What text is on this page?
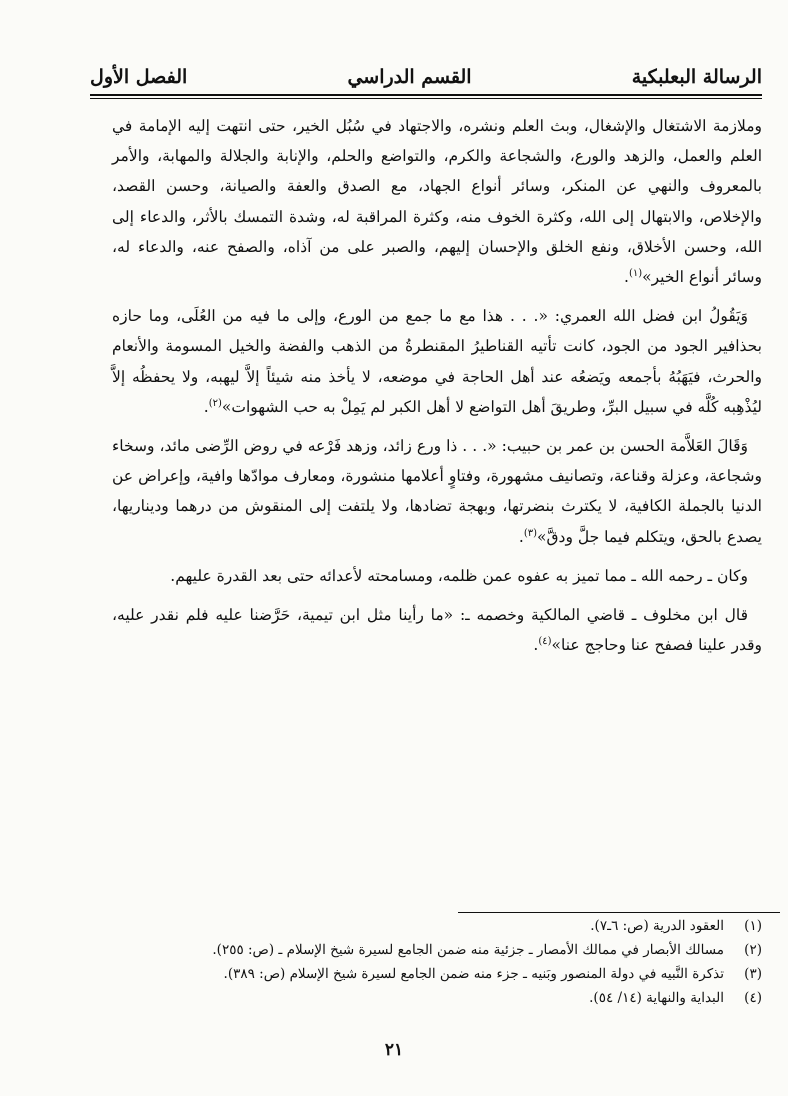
الرسالة البعلبكية
القسم الدراسي
الفصل الأول

وملازمة الاشتغال والإشغال، وبث العلم ونشره، والاجتهاد في سُبُل الخير، حتى انتهت إليه الإمامة في العلم والعمل، والزهد والورع، والشجاعة والكرم، والتواضع والحلم، والإنابة والجلالة والمهابة، والأمر بالمعروف والنهي عن المنكر، وسائر أنواع الجهاد، مع الصدق والعفة والصيانة، وحسن القصد، والإخلاص، والابتهال إلى الله، وكثرة الخوف منه، وكثرة المراقبة له، وشدة التمسك بالأثر، والدعاء إلى الله، وحسن الأخلاق، ونفع الخلق والإحسان إليهم، والصبر على من آذاه، والصفح عنه، والدعاء له، وسائر أنواع الخير»$^{(١)}$.

وَيَقُولُ ابن فضل الله العمري: «. . . هذا مع ما جمع من الورع، وإلى ما فيه من العُلَى، وما حازه بحذافير الجود من الجود، كانت تأتيه القناطيرُ المقنطرةُ من الذهب والفضة والخيل المسومة والأنعام والحرث، فيَهَبُهُ بأجمعه ويَضعُه عند أهل الحاجة في موضعه، لا يأخذ منه شيئاً إلاَّ ليهبه، ولا يحفظُه إلاَّ ليُذْهِبه كُلَّه في سبيل البرِّ، وطريقَ أهل التواضع لا أهل الكبر لم يَمِلْ به حب الشهوات»$^{(٢)}$.

وَقَالَ العَلاَّمة الحسن بن عمر بن حبيب: «. . . ذا ورع زائد، وزهد فَرْعه في روض الرِّضى مائد، وسخاء وشجاعة، وعزلة وقناعة، وتصانيف مشهورة، وفتاوٍ أعلامها منشورة، ومعارف موادّها وافية، وإعراض عن الدنيا بالجملة الكافية، لا يكترث بنضرتها، وبهجة تضادها، ولا يلتفت إلى المنقوش من درهما وديناريها، يصدع بالحق، ويتكلم فيما جلَّ ودقَّ»$^{(٣)}$.

وكان ـ رحمه الله ـ مما تميز به عفوه عمن ظلمه، ومسامحته لأعدائه حتى بعد القدرة عليهم.

قال ابن مخلوف ـ قاضي المالكية وخصمه ـ: «ما رأينا مثل ابن تيمية، حَرَّضنا عليه فلم نقدر عليه، وقدر علينا فصفح عنا وحاجج عنا»$^{(٤)}$.

(١)
العقود الدرية (ص: ٦ـ٧).
(٢)
مسالك الأبصار في ممالك الأمصار ـ جزئية منه ضمن الجامع لسيرة شيخ الإسلام ـ (ص: ٢٥٥).
(٣)
تذكرة النَّبيه في دولة المنصور وبَنيه ـ جزء منه ضمن الجامع لسيرة شيخ الإسلام (ص: ٣٨٩).
(٤)
البداية والنهاية (١٤/ ٥٤).
٢١
